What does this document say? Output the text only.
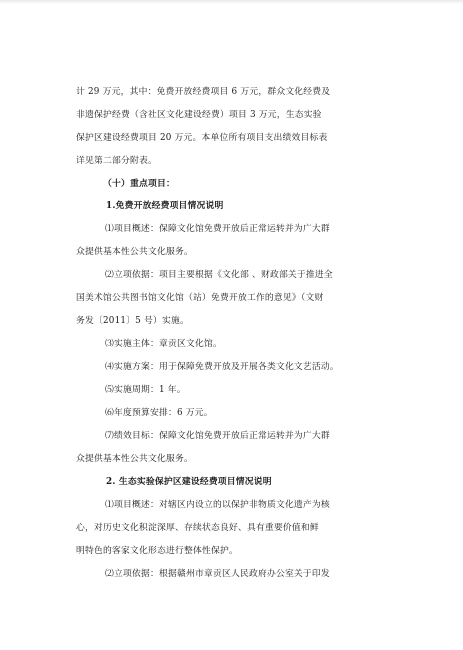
计 29 万元，其中：免费开放经费项目 6 万元，群众文化经费及
非遗保护经费（含社区文化建设经费）项目 3 万元，生态实验
保护区建设经费项目 20 万元。本单位所有项目支出绩效目标表
详见第二部分附表。
（十）重点项目：
1.免费开放经费项目情况说明
⑴项目概述：保障文化馆免费开放后正常运转并为广大群
众提供基本性公共文化服务。
⑵立项依据：项目主要根据《文化部 、财政部关于推进全
国美术馆公共图书馆文化馆（站）免费开放工作的意见》（文财
务发〔2011〕5 号）实施。
⑶实施主体：章贡区文化馆。
⑷实施方案：用于保障免费开放及开展各类文化文艺活动。
⑸实施周期：1 年。
⑹年度预算安排：6 万元。
⑺绩效目标：保障文化馆免费开放后正常运转并为广大群
众提供基本性公共文化服务。
2. 生态实验保护区建设经费项目情况说明
⑴项目概述：对辖区内设立的以保护非物质文化遗产为核
心，对历史文化积淀深厚、存续状态良好、具有重要价值和鲜
明特色的客家文化形态进行整体性保护。
⑵立项依据：根据赣州市章贡区人民政府办公室关于印发
